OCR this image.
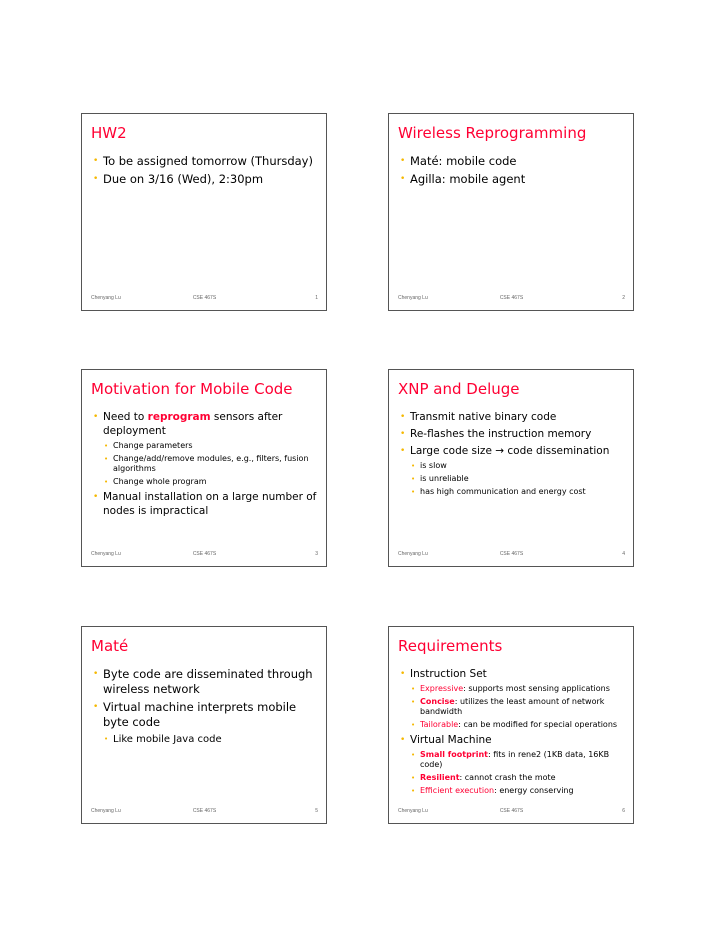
HW2
• To be assigned tomorrow (Thursday)
• Due on 3/16 (Wed), 2:30pm
Chenyang Lu	CSE 467S	1
Wireless Reprogramming
• Maté: mobile code
• Agilla: mobile agent
Chenyang Lu	CSE 467S	2
Motivation for Mobile Code
• Need to reprogram sensors after deployment
• Change parameters
• Change/add/remove modules, e.g., filters, fusion algorithms
• Change whole program
• Manual installation on a large number of nodes is impractical
Chenyang Lu	CSE 467S	3
XNP and Deluge
• Transmit native binary code
• Re-flashes the instruction memory
• Large code size → code dissemination
• is slow
• is unreliable
• has high communication and energy cost
Chenyang Lu	CSE 467S	4
Maté
• Byte code are disseminated through wireless network
• Virtual machine interprets mobile byte code
• Like mobile Java code
Chenyang Lu	CSE 467S	5
Requirements
• Instruction Set
• Expressive: supports most sensing applications
• Concise: utilizes the least amount of network bandwidth
• Tailorable: can be modified for special operations
• Virtual Machine
• Small footprint: fits in rene2 (1KB data, 16KB code)
• Resilient: cannot crash the mote
• Efficient execution: energy conserving
Chenyang Lu	CSE 467S	6
